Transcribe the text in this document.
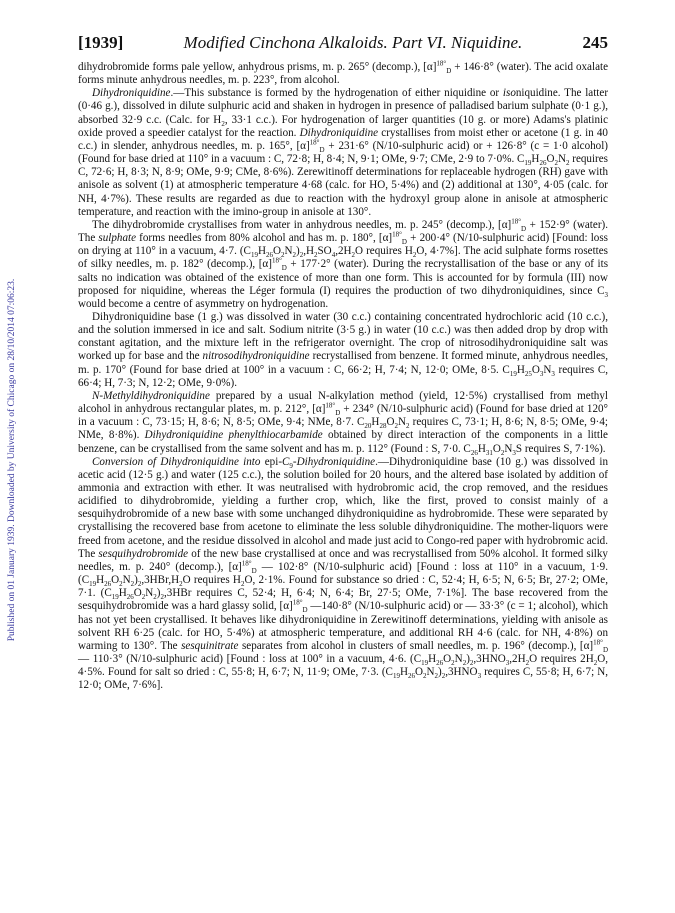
Published on 01 January 1939. Downloaded by University of Chicago on 28/10/2014 07:06:23.
[1939]	Modified Cinchona Alkaloids. Part VI. Niquidine.	245

dihydrobromide forms pale yellow, anhydrous prisms, m. p. 265° (decomp.), $[\alpha]^{18^\circ}_D + 146\cdot 8^\circ$ (water). The acid oxalate forms minute anhydrous needles, m. p. 223°, from alcohol.

Dihydroniquidine.—This substance is formed by the hydrogenation of either niquidine or isoniquidine. The latter (0·46 g.), dissolved in dilute sulphuric acid and shaken in hydrogen in presence of palladised barium sulphate (0·1 g.), absorbed 32·9 c.c. (Calc. for $H_2$, 33·1 c.c.). For hydrogenation of larger quantities (10 g. or more) Adams's platinic oxide proved a speedier catalyst for the reaction. Dihydroniquidine crystallises from moist ether or acetone (1 g. in 40 c.c.) in slender, anhydrous needles, m. p. 165°, $[\alpha]^{18^\circ}_D + 231\cdot 6^\circ$ (N/10-sulphuric acid) or + 126·8° (c = 1·0 alcohol) (Found for base dried at 110° in a vacuum : C, 72·8; H, 8·4; N, 9·1; OMe, 9·7; CMe, 2·9 to 7·0%. $C_{19}H_{26}O_2N_2$ requires C, 72·6; H, 8·3; N, 8·9; OMe, 9·9; CMe, 8·6%). Zerewitinoff determinations for replaceable hydrogen (RH) gave with anisole as solvent (1) at atmospheric temperature 4·68 (calc. for HO, 5·4%) and (2) additional at 130°, 4·05 (calc. for NH, 4·7%). These results are regarded as due to reaction with the hydroxyl group alone in anisole at atmospheric temperature, and reaction with the imino-group in anisole at 130°.

The dihydrobromide crystallises from water in anhydrous needles, m. p. 245° (decomp.), $[\alpha]^{18^\circ}_D + 152\cdot 9^\circ$ (water). The sulphate forms needles from 80% alcohol and has m. p. 180°, $[\alpha]^{18^\circ}_D + 200\cdot 4^\circ$ (N/10-sulphuric acid) [Found: loss on drying at 110° in a vacuum, 4·7. $(C_{19}H_{26}O_2N_2)_2,H_2SO_4,2H_2O$ requires $H_2O$, 4·7%]. The acid sulphate forms rosettes of silky needles, m. p. 182° (decomp.), $[\alpha]^{18^\circ}_D + 177\cdot 2^\circ$ (water). During the recrystallisation of the base or any of its salts no indication was obtained of the existence of more than one form. This is accounted for by formula (III) now proposed for niquidine, whereas the Léger formula (I) requires the production of two dihydroniquidines, since $C_3$ would become a centre of asymmetry on hydrogenation.

Dihydroniquidine base (1 g.) was dissolved in water (30 c.c.) containing concentrated hydrochloric acid (10 c.c.), and the solution immersed in ice and salt. Sodium nitrite (3·5 g.) in water (10 c.c.) was then added drop by drop with constant agitation, and the mixture left in the refrigerator overnight. The crop of nitrosodihydroniquidine salt was worked up for base and the nitrosodihydroniquidine recrystallised from benzene. It formed minute, anhydrous needles, m. p. 170° (Found for base dried at 100° in a vacuum : C, 66·2; H, 7·4; N, 12·0; OMe, 8·5. $C_{19}H_{25}O_3N_3$ requires C, 66·4; H, 7·3; N, 12·2; OMe, 9·0%).

N-Methyldihydroniquidine prepared by a usual N-alkylation method (yield, 12·5%) crystallised from methyl alcohol in anhydrous rectangular plates, m. p. 212°, $[\alpha]^{18^\circ}_D + 234^\circ$ (N/10-sulphuric acid) (Found for base dried at 120° in a vacuum : C, 73·15; H, 8·6; N, 8·5; OMe, 9·4; NMe, 8·7. $C_{20}H_{28}O_2N_2$ requires C, 73·1; H, 8·6; N, 8·5; OMe, 9·4; NMe, 8·8%). Dihydroniquidine phenylthiocarbamide obtained by direct interaction of the components in a little benzene, can be crystallised from the same solvent and has m. p. 112° (Found : S, 7·0. $C_{26}H_{31}O_2N_3S$ requires S, 7·1%).

Conversion of Dihydroniquidine into epi-$C_9-Dihydroniquidine.—Dihydroniquidine$ base (10 g.) was dissolved in acetic acid (12·5 g.) and water (125 c.c.), the solution boiled for 20 hours, and the altered base isolated by addition of ammonia and extraction with ether. It was neutralised with hydrobromic acid, the crop removed, and the residues acidified to dihydrobromide, yielding a further crop, which, like the first, proved to consist mainly of a sesquihydrobromide of a new base with some unchanged dihydroniquidine as hydrobromide. These were separated by crystallising the recovered base from acetone to eliminate the less soluble dihydroniquidine. The mother-liquors were freed from acetone, and the residue dissolved in alcohol and made just acid to Congo-red paper with hydrobromic acid. The sesquihydrobromide of the new base crystallised at once and was recrystallised from 50% alcohol. It formed silky needles, m. p. 240° (decomp.), $[\alpha]^{18^\circ}_D$ — 102·8° (N/10-sulphuric acid) [Found : loss at 110° in a vacuum, 1·9. $(C_{19}H_{26}O_2N_2)_2,3HBr,H_2O$ requires $H_2O$, 2·1%. Found for substance so dried : C, 52·4; H, 6·5; N, 6·5; Br, 27·2; OMe, 7·1. $(C_{19}H_{26}O_2N_2)_2,3HBr$ requires C, 52·4; H, 6·4; N, 6·4; Br, 27·5; OMe, 7·1%]. The base recovered from the sesquihydrobromide was a hard glassy solid, $[\alpha]^{18^\circ}_D$ —140·8° (N/10-sulphuric acid) or — 33·3° (c = 1; alcohol), which has not yet been crystallised. It behaves like dihydroniquidine in Zerewitinoff determinations, yielding with anisole as solvent RH 6·25 (calc. for HO, 5·4%) at atmospheric temperature, and additional RH 4·6 (calc. for NH, 4·8%) on warming to 130°. The sesquinitrate separates from alcohol in clusters of small needles, m. p. 196° (decomp.), $[\alpha]^{18^\circ}_D$ — 110·3° (N/10-sulphuric acid) [Found : loss at 100° in a vacuum, 4·6. $(C_{19}H_{26}O_2N_2)_2,3HNO_3,2H_2O$ requires $2H_2O$, 4·5%. Found for salt so dried : C, 55·8; H, 6·7; N, 11·9; OMe, 7·3. $(C_{19}H_{26}O_2N_2)_2,3HNO_3$ requires C, 55·8; H, 6·7; N, 12·0; OMe, 7·6%].
